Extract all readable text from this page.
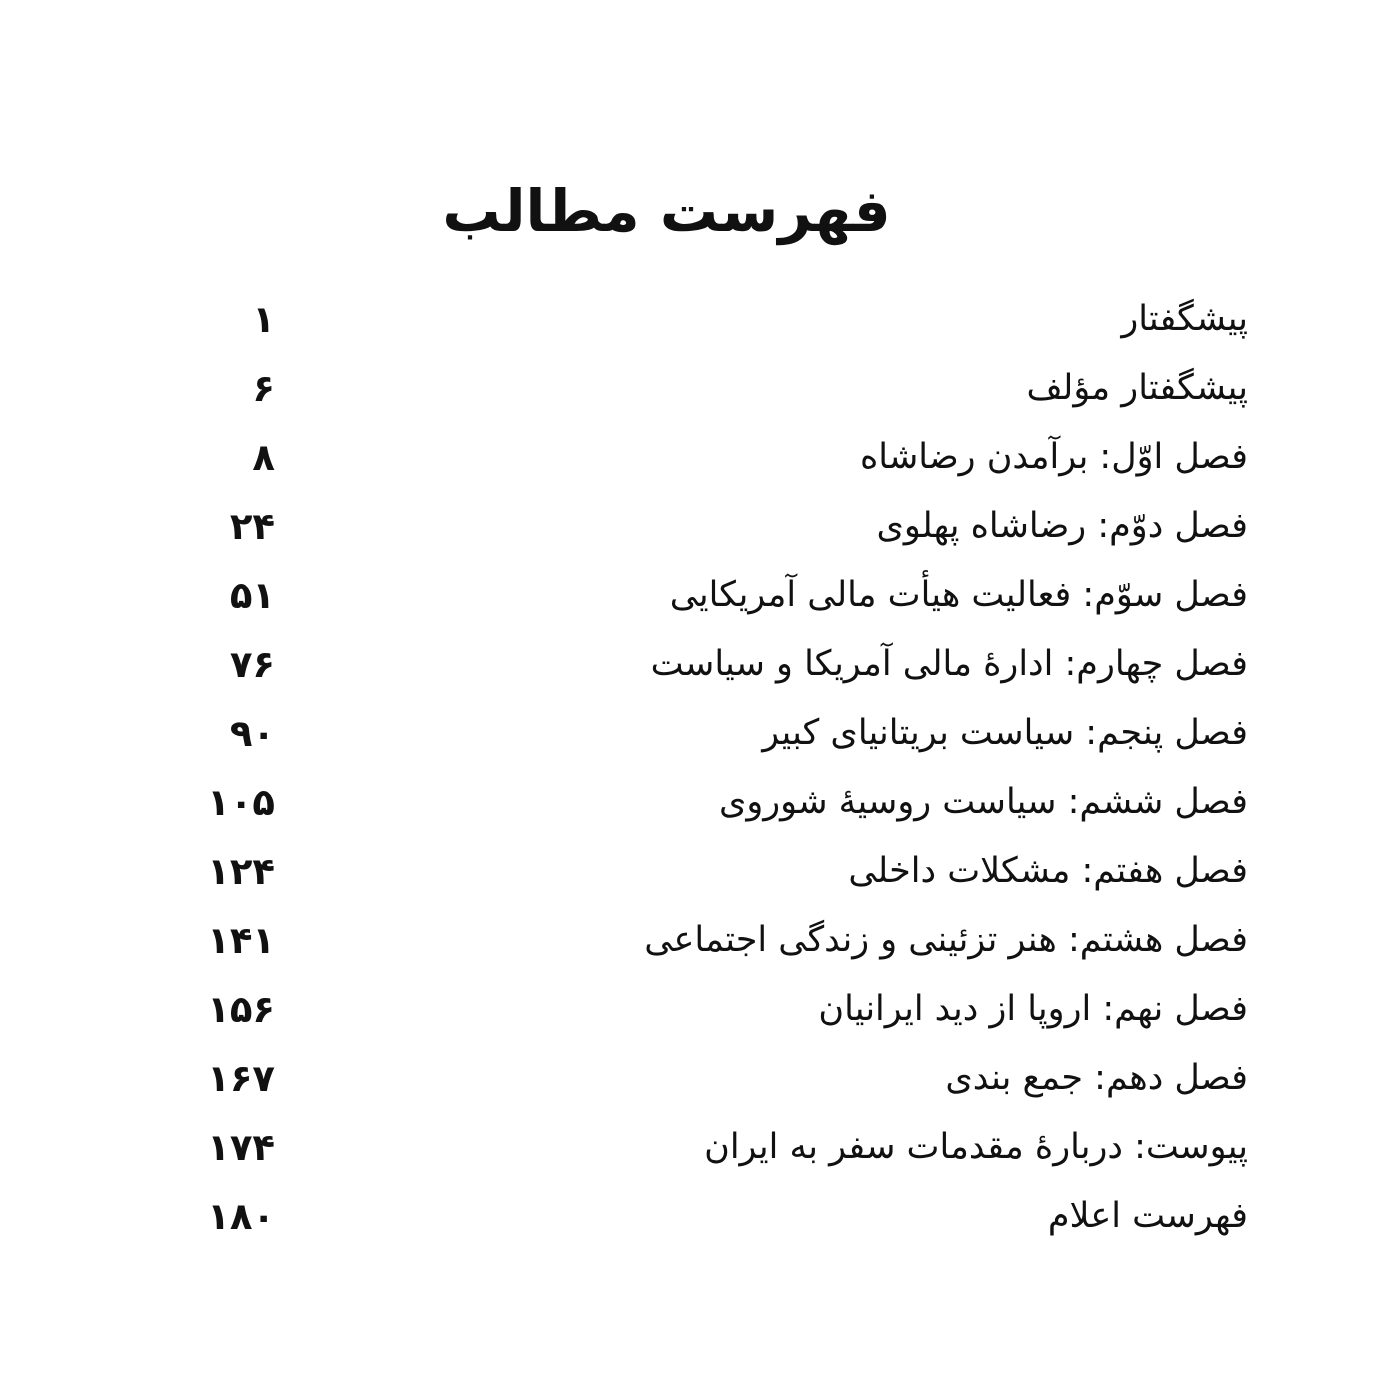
فهرست مطالب
پیشگفتار
۱
پیشگفتار مؤلف
۶
فصل اوّل: برآمدن رضاشاه
۸
فصل دوّم: رضاشاه پهلوی
۲۴
فصل سوّم: فعالیت هیأت مالی آمریکایی
۵۱
فصل چهارم: ادارۀ مالی آمریکا و سیاست
۷۶
فصل پنجم: سیاست بریتانیای کبیر
۹۰
فصل ششم: سیاست روسیۀ شوروی
۱۰۵
فصل هفتم: مشکلات داخلی
۱۲۴
فصل هشتم: هنر تزئینی و زندگی اجتماعی
۱۴۱
فصل نهم: اروپا از دید ایرانیان
۱۵۶
فصل دهم: جمع بندی
۱۶۷
پیوست: دربارۀ مقدمات سفر به ایران
۱۷۴
فهرست اعلام
۱۸۰
